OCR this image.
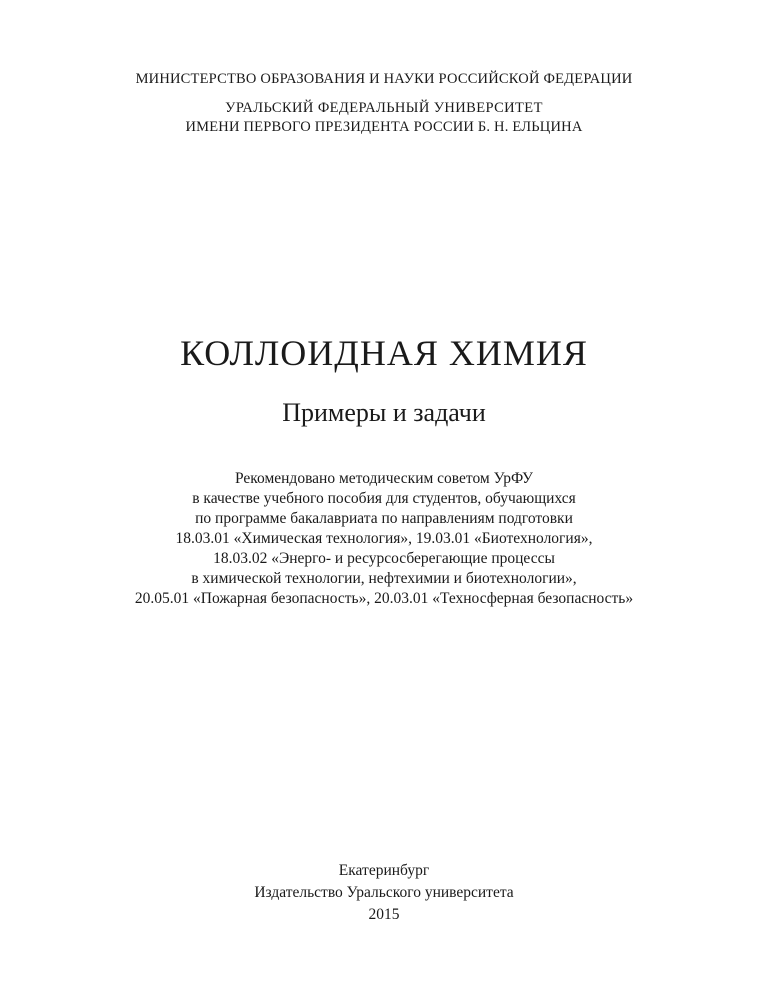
МИНИСТЕРСТВО ОБРАЗОВАНИЯ И НАУКИ РОССИЙСКОЙ ФЕДЕРАЦИИ
УРАЛЬСКИЙ ФЕДЕРАЛЬНЫЙ УНИВЕРСИТЕТ
ИМЕНИ ПЕРВОГО ПРЕЗИДЕНТА РОССИИ Б. Н. ЕЛЬЦИНА
КОЛЛОИДНАЯ ХИМИЯ
Примеры и задачи
Рекомендовано методическим советом УрФУ
в качестве учебного пособия для студентов, обучающихся
по программе бакалавриата по направлениям подготовки
18.03.01 «Химическая технология», 19.03.01 «Биотехнология»,
18.03.02 «Энерго- и ресурсосберегающие процессы
в химической технологии, нефтехимии и биотехнологии»,
20.05.01 «Пожарная безопасность», 20.03.01 «Техносферная безопасность»
Екатеринбург
Издательство Уральского университета
2015
